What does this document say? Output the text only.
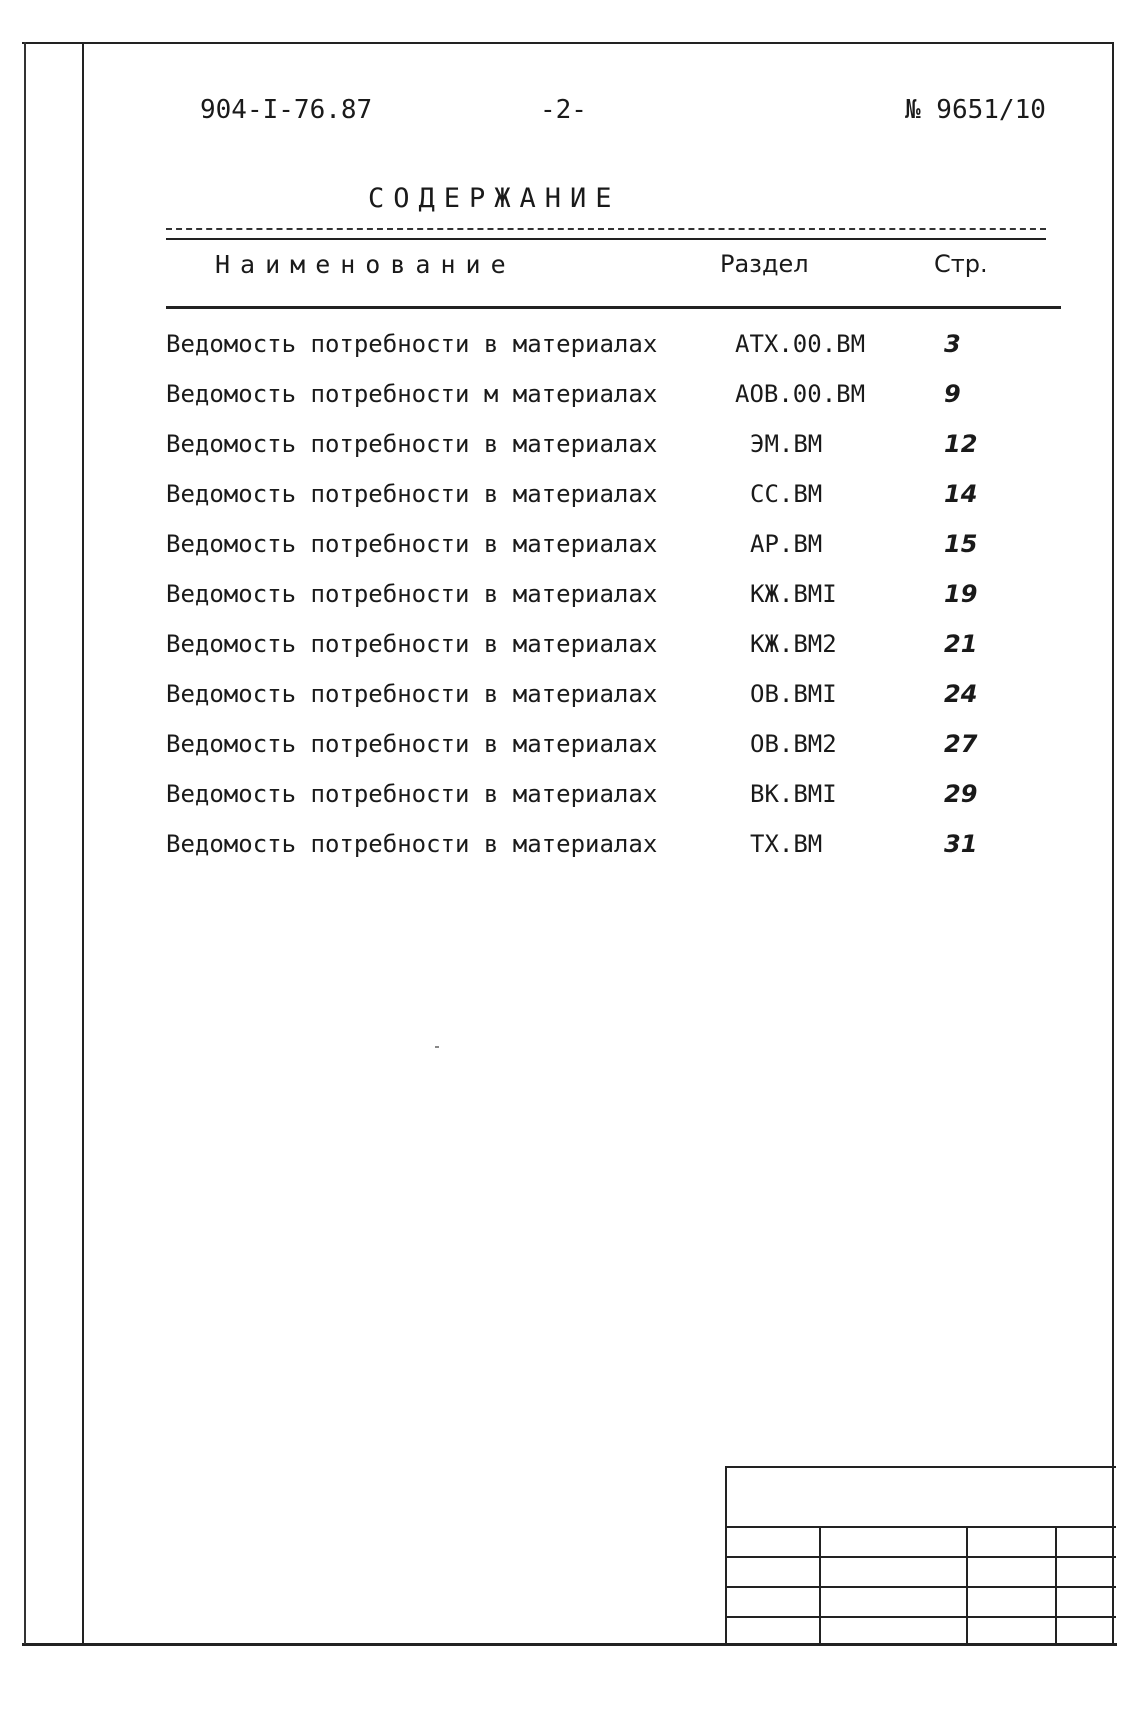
904-I-76.87	-2-	№ 9651/10
СОДЕРЖАНИЕ
Наименование	Раздел	Стр.
Ведомость потребности в материалах	АТХ.00.ВМ	3
Ведомость потребности м материалах	АОВ.00.ВМ	9
Ведомость потребности в материалах	ЭМ.ВМ	12
Ведомость потребности в материалах	СС.ВМ	14
Ведомость потребности в материалах	АР.ВМ	15
Ведомость потребности в материалах	КЖ.ВМI	19
Ведомость потребности в материалах	КЖ.ВМ2	21
Ведомость потребности в материалах	ОВ.ВМI	24
Ведомость потребности в материалах	ОВ.ВМ2	27
Ведомость потребности в материалах	ВК.ВМI	29
Ведомость потребности в материалах	ТХ.ВМ	31
